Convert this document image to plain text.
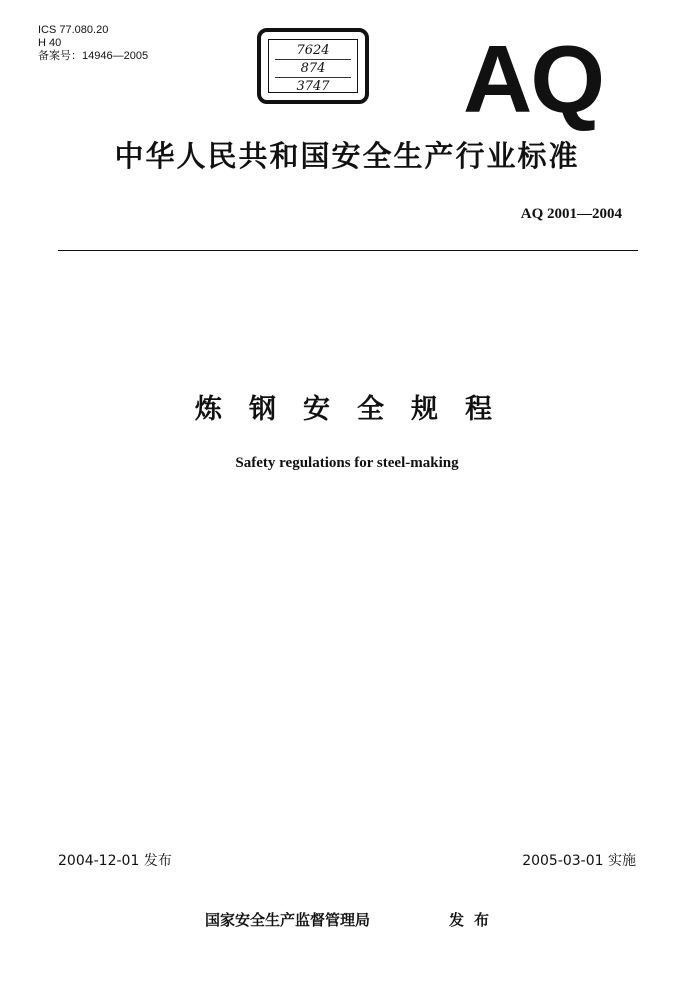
ICS 77.080.20
H 40
备案号：14946—2005	7624
874
3747 AQ
中华人民共和国安全生产行业标准
AQ 2001—2004
炼钢安全规程
Safety regulations for steel-making
2004-12-01 发布	2005-03-01 实施
国家安全生产监督管理局	发布
